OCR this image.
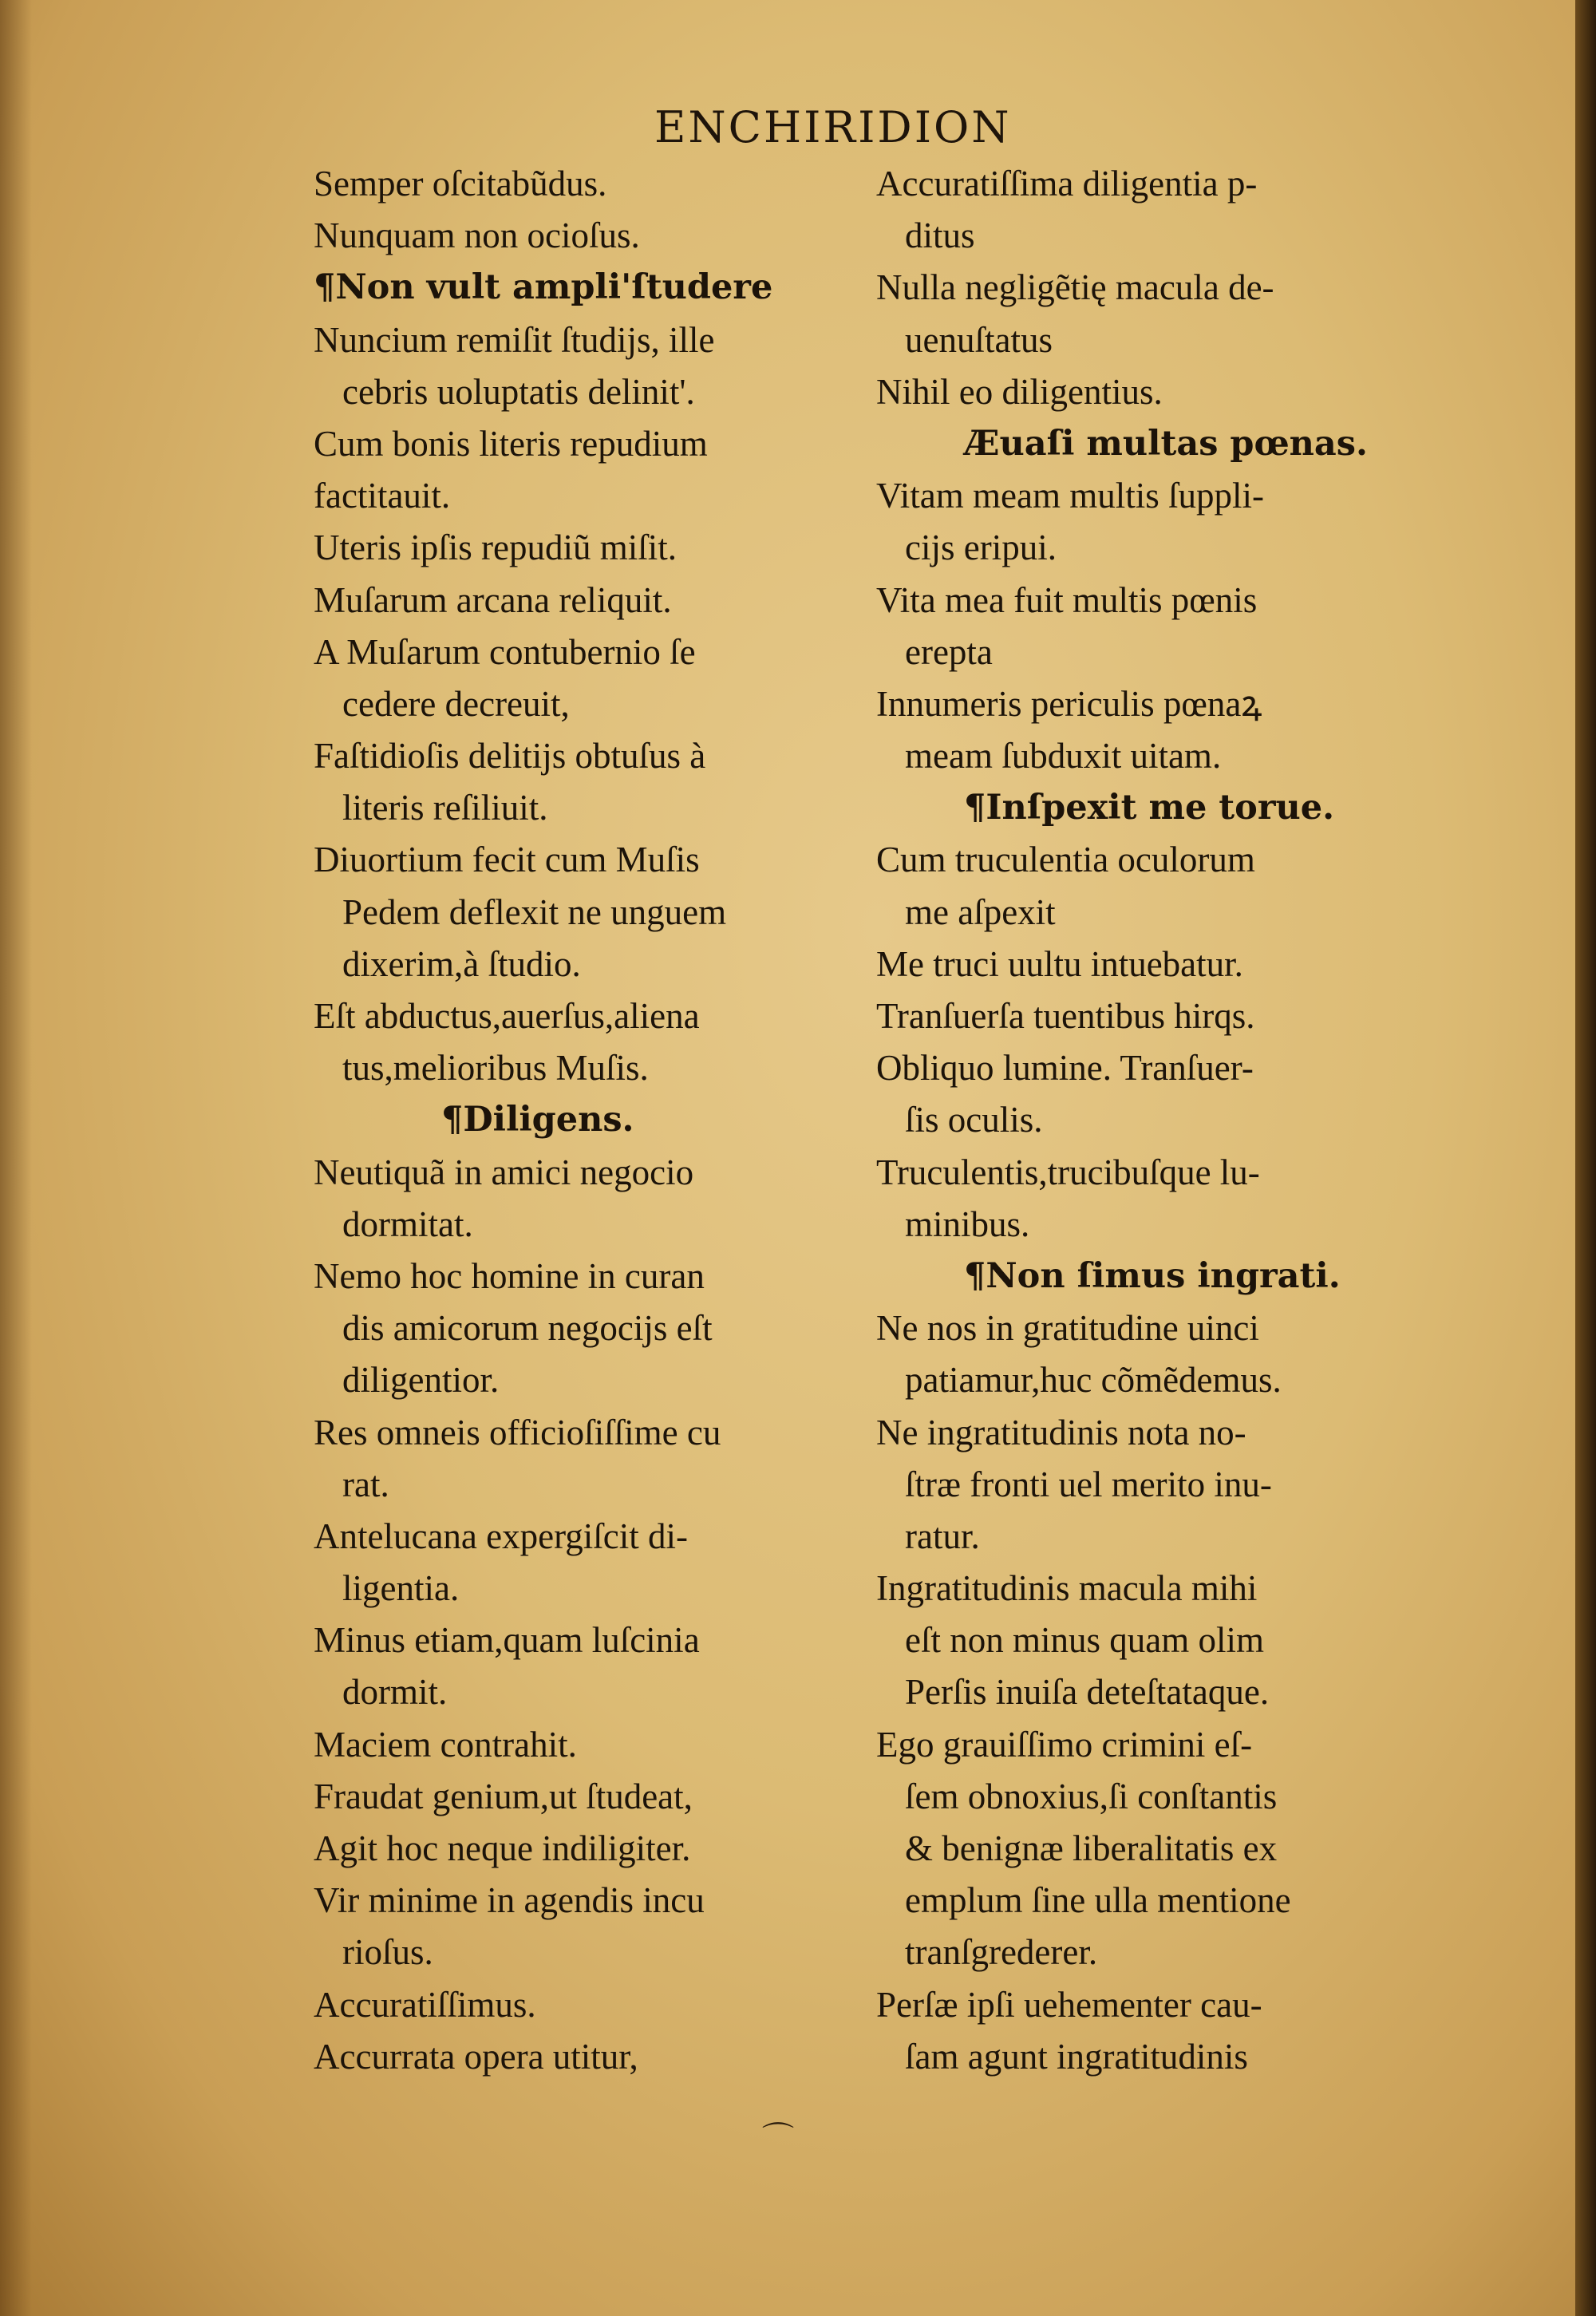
ENCHIRIDION
Semper oſcitabũdus.
Nunquam non ocioſus.
¶Non vult ampli'ſtudere
Nuncium remiſit ſtudijs, ille
cebris uoluptatis delinit'.
Cum bonis literis repudium
factitauit.
Uteris ipſis repudiũ miſit.
Muſarum arcana reliquit.
A Muſarum contubernio ſe
cedere decreuit,
Faſtidioſis delitijs obtuſus à
literis reſiliuit.
Diuortium fecit cum Muſis
Pedem deflexit ne unguem
dixerim,à ſtudio.
Eſt abductus,auerſus,aliena
tus,melioribus Muſis.
¶Diligens.
Neutiquã in amici negocio
dormitat.
Nemo hoc homine in curan
dis amicorum negocijs eſt
diligentior.
Res omneis officioſiſſime cu
rat.
Antelucana expergiſcit di-
ligentia.
Minus etiam,quam luſcinia
dormit.
Maciem contrahit.
Fraudat genium,ut ſtudeat,
Agit hoc neque indiligiter.
Vir minime in agendis incu
rioſus.
Accuratiſſimus.
Accurrata opera utitur,
Accuratiſſima diligentia p-
ditus
Nulla negligẽtię macula de-
uenuſtatus
Nihil eo diligentius.
Æuaſi multas pœnas.
Vitam meam multis ſuppli-
cijs eripui.
Vita mea fuit multis pœnis
erepta
Innumeris periculis pœnaꝝ
meam ſubduxit uitam.
¶Inſpexit me torue.
Cum truculentia oculorum
me aſpexit
Me truci uultu intuebatur.
Tranſuerſa tuentibus hirqs.
Obliquo lumine. Tranſuer-
ſis oculis.
Truculentis,trucibuſque lu-
minibus.
¶Non ſimus ingrati.
Ne nos in gratitudine uinci
patiamur,huc cõmẽdemus.
Ne ingratitudinis nota no-
ſtræ fronti uel merito inu-
ratur.
Ingratitudinis macula mihi
eſt non minus quam olim
Perſis inuiſa deteſtataque.
Ego grauiſſimo crimini eſ-
ſem obnoxius,ſi conſtantis
& benignæ liberalitatis ex
emplum ſine ulla mentione
tranſgrederer.
Perſæ ipſi uehementer cau-
ſam agunt ingratitudinis
⌒
